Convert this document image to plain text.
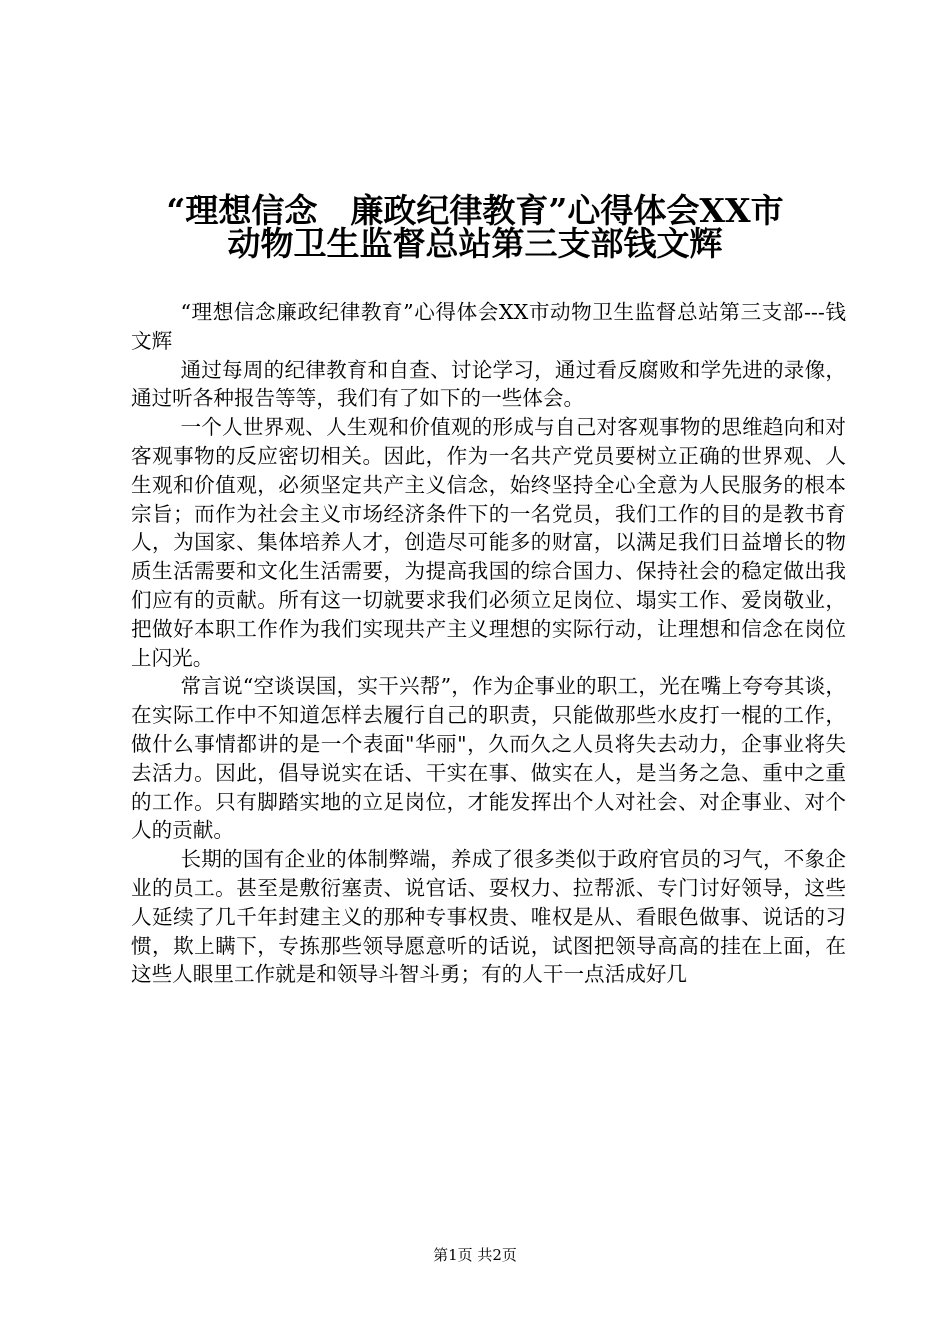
“理想信念　廉政纪律教育”心得体会XX市
动物卫生监督总站第三支部钱文辉

“理想信念廉政纪律教育”心得体会XX市动物卫生监督总站第三支部---钱文辉

通过每周的纪律教育和自查、讨论学习，通过看反腐败和学先进的录像，通过听各种报告等等，我们有了如下的一些体会。

一个人世界观、人生观和价值观的形成与自己对客观事物的思维趋向和对客观事物的反应密切相关。因此，作为一名共产党员要树立正确的世界观、人生观和价值观，必须坚定共产主义信念，始终坚持全心全意为人民服务的根本宗旨；而作为社会主义市场经济条件下的一名党员，我们工作的目的是教书育人，为国家、集体培养人才，创造尽可能多的财富，以满足我们日益增长的物质生活需要和文化生活需要，为提高我国的综合国力、保持社会的稳定做出我们应有的贡献。所有这一切就要求我们必须立足岗位、塌实工作、爱岗敬业，把做好本职工作作为我们实现共产主义理想的实际行动，让理想和信念在岗位上闪光。

常言说“空谈误国，实干兴帮”，作为企事业的职工，光在嘴上夸夸其谈，在实际工作中不知道怎样去履行自己的职责，只能做那些水皮打一棍的工作，做什么事情都讲的是一个表面"华丽"，久而久之人员将失去动力，企事业将失去活力。因此，倡导说实在话、干实在事、做实在人，是当务之急、重中之重的工作。只有脚踏实地的立足岗位，才能发挥出个人对社会、对企事业、对个人的贡献。

长期的国有企业的体制弊端，养成了很多类似于政府官员的习气，不象企业的员工。甚至是敷衍塞责、说官话、耍权力、拉帮派、专门讨好领导，这些人延续了几千年封建主义的那种专事权贵、唯权是从、看眼色做事、说话的习惯，欺上瞒下，专拣那些领导愿意听的话说，试图把领导高高的挂在上面，在这些人眼里工作就是和领导斗智斗勇；有的人干一点活成好几

第1页 共2页
